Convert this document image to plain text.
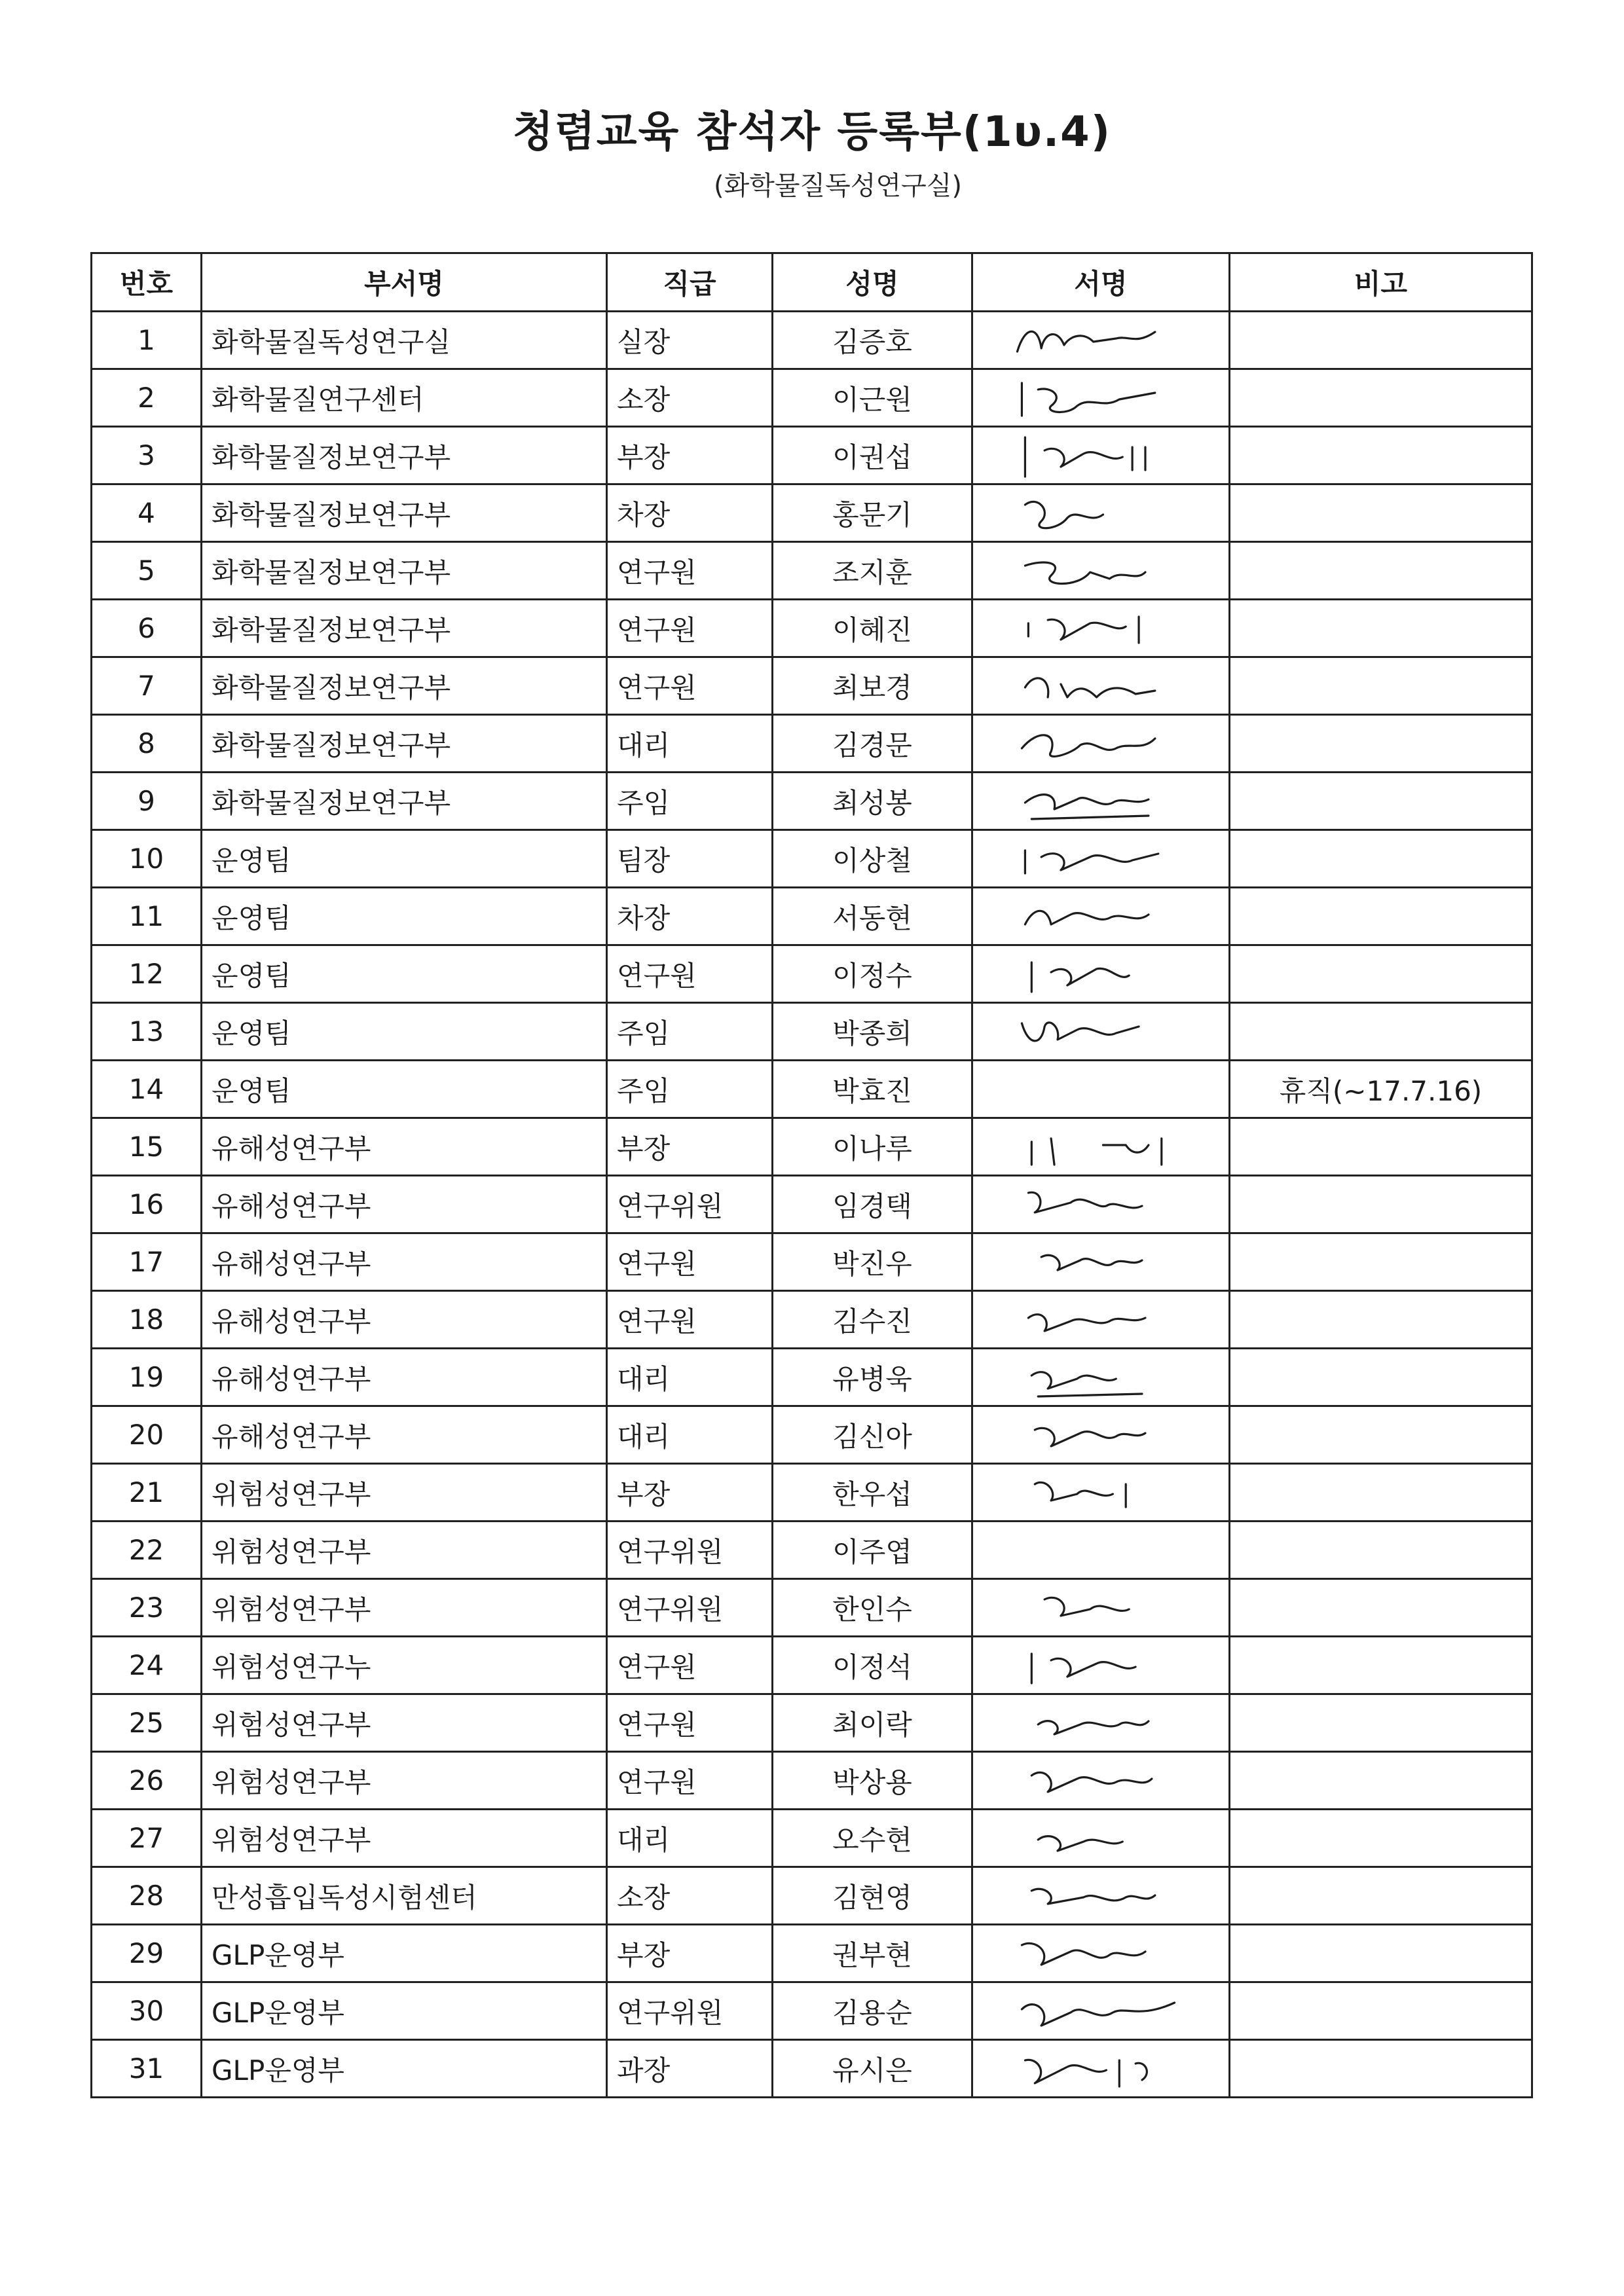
청렴교육 참석자 등록부(1υ.4)
(화학물질독성연구실)
번호	부서명	직급	성명	서명	비고
1	화학물질독성연구실	실장	김증호	

2	화학물질연구센터	소장	이근원	

3	화학물질정보연구부	부장	이권섭	

4	화학물질정보연구부	차장	홍문기	

5	화학물질정보연구부	연구원	조지훈	

6	화학물질정보연구부	연구원	이혜진	

7	화학물질정보연구부	연구원	최보경	

8	화학물질정보연구부	대리	김경문	

9	화학물질정보연구부	주임	최성봉	

10	운영팀	팀장	이상철	

11	운영팀	차장	서동현	

12	운영팀	연구원	이정수	

13	운영팀	주임	박종희	

14	운영팀	주임	박효진		휴직(~17.7.16)
15	유해성연구부	부장	이나루	

16	유해성연구부	연구위원	임경택	

17	유해성연구부	연구원	박진우	

18	유해성연구부	연구원	김수진	

19	유해성연구부	대리	유병욱	

20	유해성연구부	대리	김신아	

21	위험성연구부	부장	한우섭	

22	위험성연구부	연구위원	이주엽		
23	위험성연구부	연구위원	한인수	

24	위험성연구누	연구원	이정석	

25	위험성연구부	연구원	최이락	

26	위험성연구부	연구원	박상용	

27	위험성연구부	대리	오수현	

28	만성흡입독성시험센터	소장	김현영	

29	GLP운영부	부장	권부현	

30	GLP운영부	연구위원	김용순	

31	GLP운영부	과장	유시은	
